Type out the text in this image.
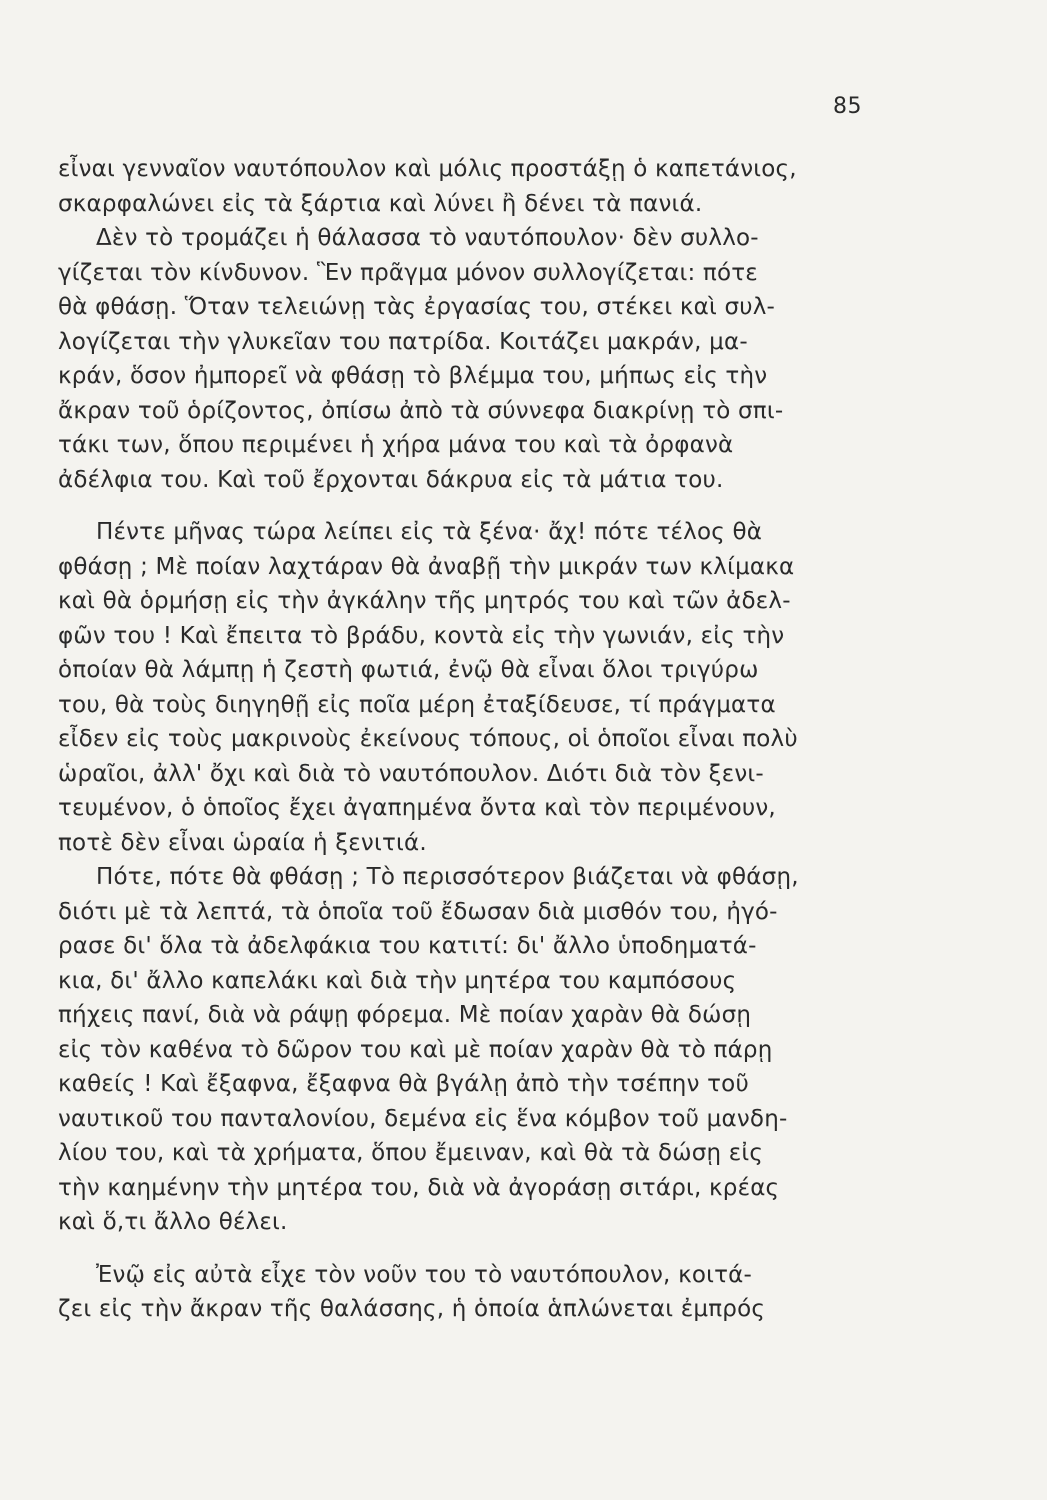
85
εἶναι γενναῖον ναυτόπουλον καὶ μόλις προστάξῃ ὁ καπετάνιος,
σκαρφαλώνει εἰς τὰ ξάρτια καὶ λύνει ἢ δένει τὰ πανιά.
Δὲν τὸ τρομάζει ἡ θάλασσα τὸ ναυτόπουλον· δὲν συλλο-
γίζεται τὸν κίνδυνον. Ἓν πρᾶγμα μόνον συλλογίζεται: πότε
θὰ φθάσῃ. Ὅταν τελειώνῃ τὰς ἐργασίας του, στέκει καὶ συλ-
λογίζεται τὴν γλυκεῖαν του πατρίδα. Κοιτάζει μακράν, μα-
κράν, ὅσον ἠμπορεῖ νὰ φθάσῃ τὸ βλέμμα του, μήπως εἰς τὴν
ἄκραν τοῦ ὁρίζοντος, ὀπίσω ἀπὸ τὰ σύννεφα διακρίνῃ τὸ σπι-
τάκι των, ὅπου περιμένει ἡ χήρα μάνα του καὶ τὰ ὀρφανὰ
ἀδέλφια του. Καὶ τοῦ ἔρχονται δάκρυα εἰς τὰ μάτια του.
Πέντε μῆνας τώρα λείπει εἰς τὰ ξένα· ἄχ! πότε τέλος θὰ
φθάσῃ ; Μὲ ποίαν λαχτάραν θὰ ἀναβῇ τὴν μικράν των κλίμακα
καὶ θὰ ὁρμήσῃ εἰς τὴν ἀγκάλην τῆς μητρός του καὶ τῶν ἀδελ-
φῶν του ! Καὶ ἔπειτα τὸ βράδυ, κοντὰ εἰς τὴν γωνιάν, εἰς τὴν
ὁποίαν θὰ λάμπῃ ἡ ζεστὴ φωτιά, ἐνῷ θὰ εἶναι ὅλοι τριγύρω
του, θὰ τοὺς διηγηθῇ εἰς ποῖα μέρη ἐταξίδευσε, τί πράγματα
εἶδεν εἰς τοὺς μακρινοὺς ἐκείνους τόπους, οἱ ὁποῖοι εἶναι πολὺ
ὡραῖοι, ἀλλ' ὄχι καὶ διὰ τὸ ναυτόπουλον. Διότι διὰ τὸν ξενι-
τευμένον, ὁ ὁποῖος ἔχει ἀγαπημένα ὄντα καὶ τὸν περιμένουν,
ποτὲ δὲν εἶναι ὡραία ἡ ξενιτιά.
Πότε, πότε θὰ φθάσῃ ; Τὸ περισσότερον βιάζεται νὰ φθάσῃ,
διότι μὲ τὰ λεπτά, τὰ ὁποῖα τοῦ ἔδωσαν διὰ μισθόν του, ἠγό-
ρασε δι' ὅλα τὰ ἀδελφάκια του κατιτί: δι' ἄλλο ὑποδηματά-
κια, δι' ἄλλο καπελάκι καὶ διὰ τὴν μητέρα του καμπόσους
πήχεις πανί, διὰ νὰ ράψῃ φόρεμα. Μὲ ποίαν χαρὰν θὰ δώσῃ
εἰς τὸν καθένα τὸ δῶρον του καὶ μὲ ποίαν χαρὰν θὰ τὸ πάρῃ
καθείς ! Καὶ ἔξαφνα, ἔξαφνα θὰ βγάλῃ ἀπὸ τὴν τσέπην τοῦ
ναυτικοῦ του πανταλονίου, δεμένα εἰς ἕνα κόμβον τοῦ μανδη-
λίου του, καὶ τὰ χρήματα, ὅπου ἔμειναν, καὶ θὰ τὰ δώσῃ εἰς
τὴν καημένην τὴν μητέρα του, διὰ νὰ ἀγοράσῃ σιτάρι, κρέας
καὶ ὅ,τι ἄλλο θέλει.
Ἐνῷ εἰς αὐτὰ εἶχε τὸν νοῦν του τὸ ναυτόπουλον, κοιτά-
ζει εἰς τὴν ἄκραν τῆς θαλάσσης, ἡ ὁποία ἁπλώνεται ἐμπρός
